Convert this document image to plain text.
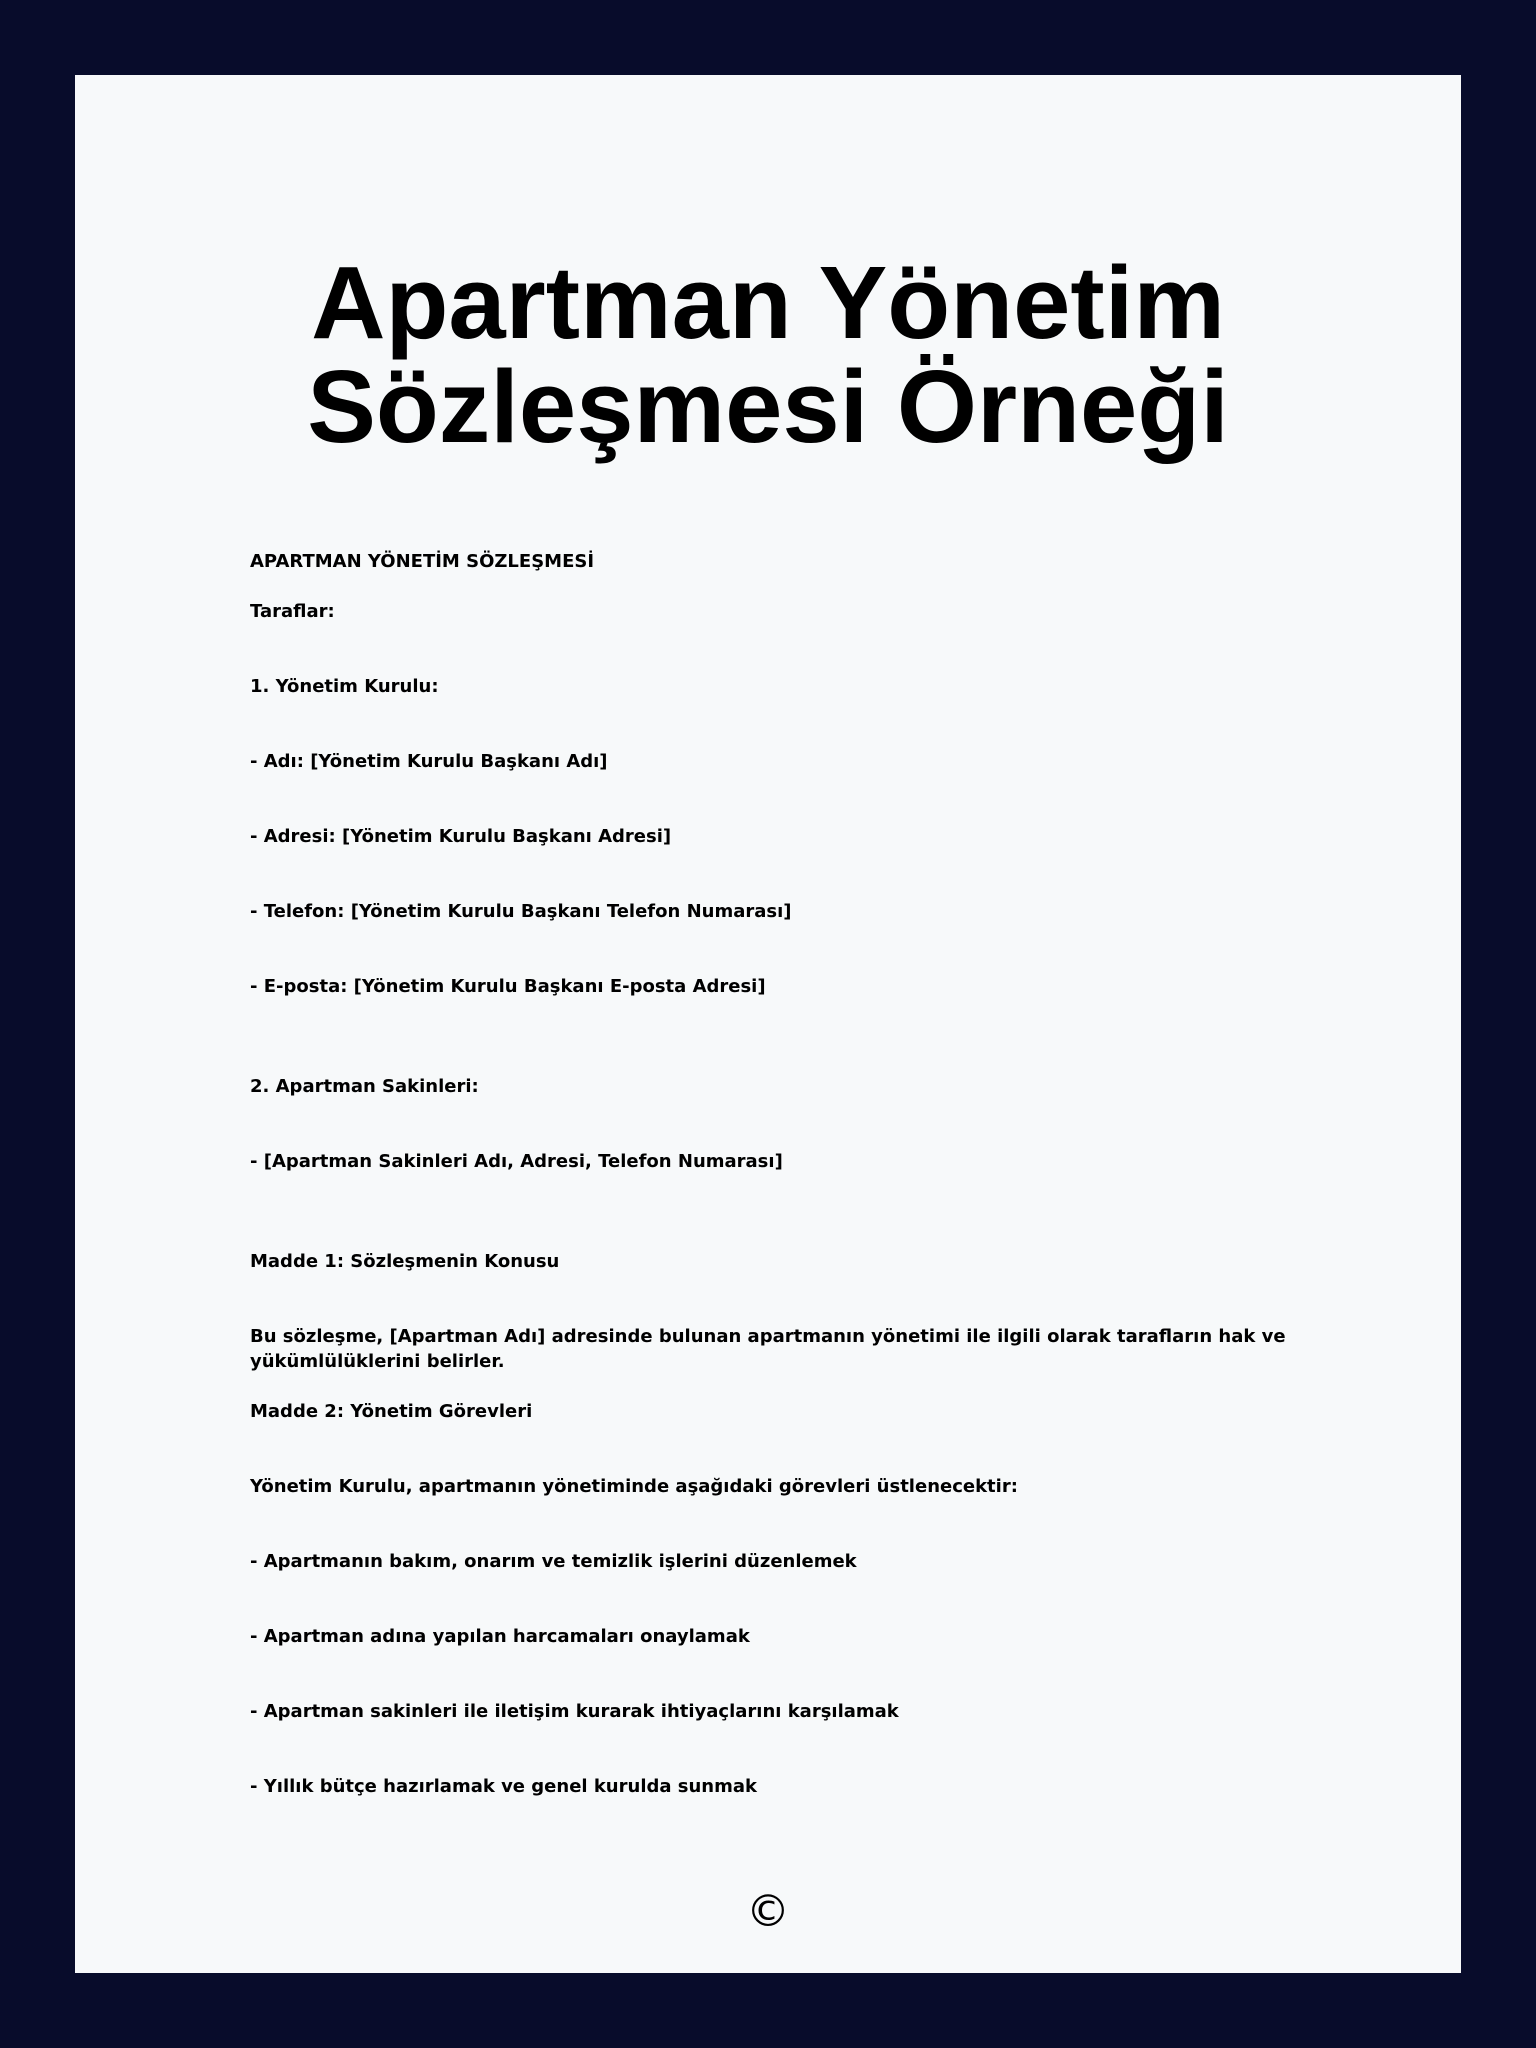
Apartman Yönetim Sözleşmesi Örneği

APARTMAN YÖNETİM SÖZLEŞMESİ

Taraflar:

1. Yönetim Kurulu:

- Adı: [Yönetim Kurulu Başkanı Adı]

- Adresi: [Yönetim Kurulu Başkanı Adresi]

- Telefon: [Yönetim Kurulu Başkanı Telefon Numarası]

- E-posta: [Yönetim Kurulu Başkanı E-posta Adresi]

2. Apartman Sakinleri:

- [Apartman Sakinleri Adı, Adresi, Telefon Numarası]

Madde 1: Sözleşmenin Konusu

Bu sözleşme, [Apartman Adı] adresinde bulunan apartmanın yönetimi ile ilgili olarak tarafların hak ve yükümlülüklerini belirler.

Madde 2: Yönetim Görevleri

Yönetim Kurulu, apartmanın yönetiminde aşağıdaki görevleri üstlenecektir:

- Apartmanın bakım, onarım ve temizlik işlerini düzenlemek

- Apartman adına yapılan harcamaları onaylamak

- Apartman sakinleri ile iletişim kurarak ihtiyaçlarını karşılamak

- Yıllık bütçe hazırlamak ve genel kurulda sunmak

©
